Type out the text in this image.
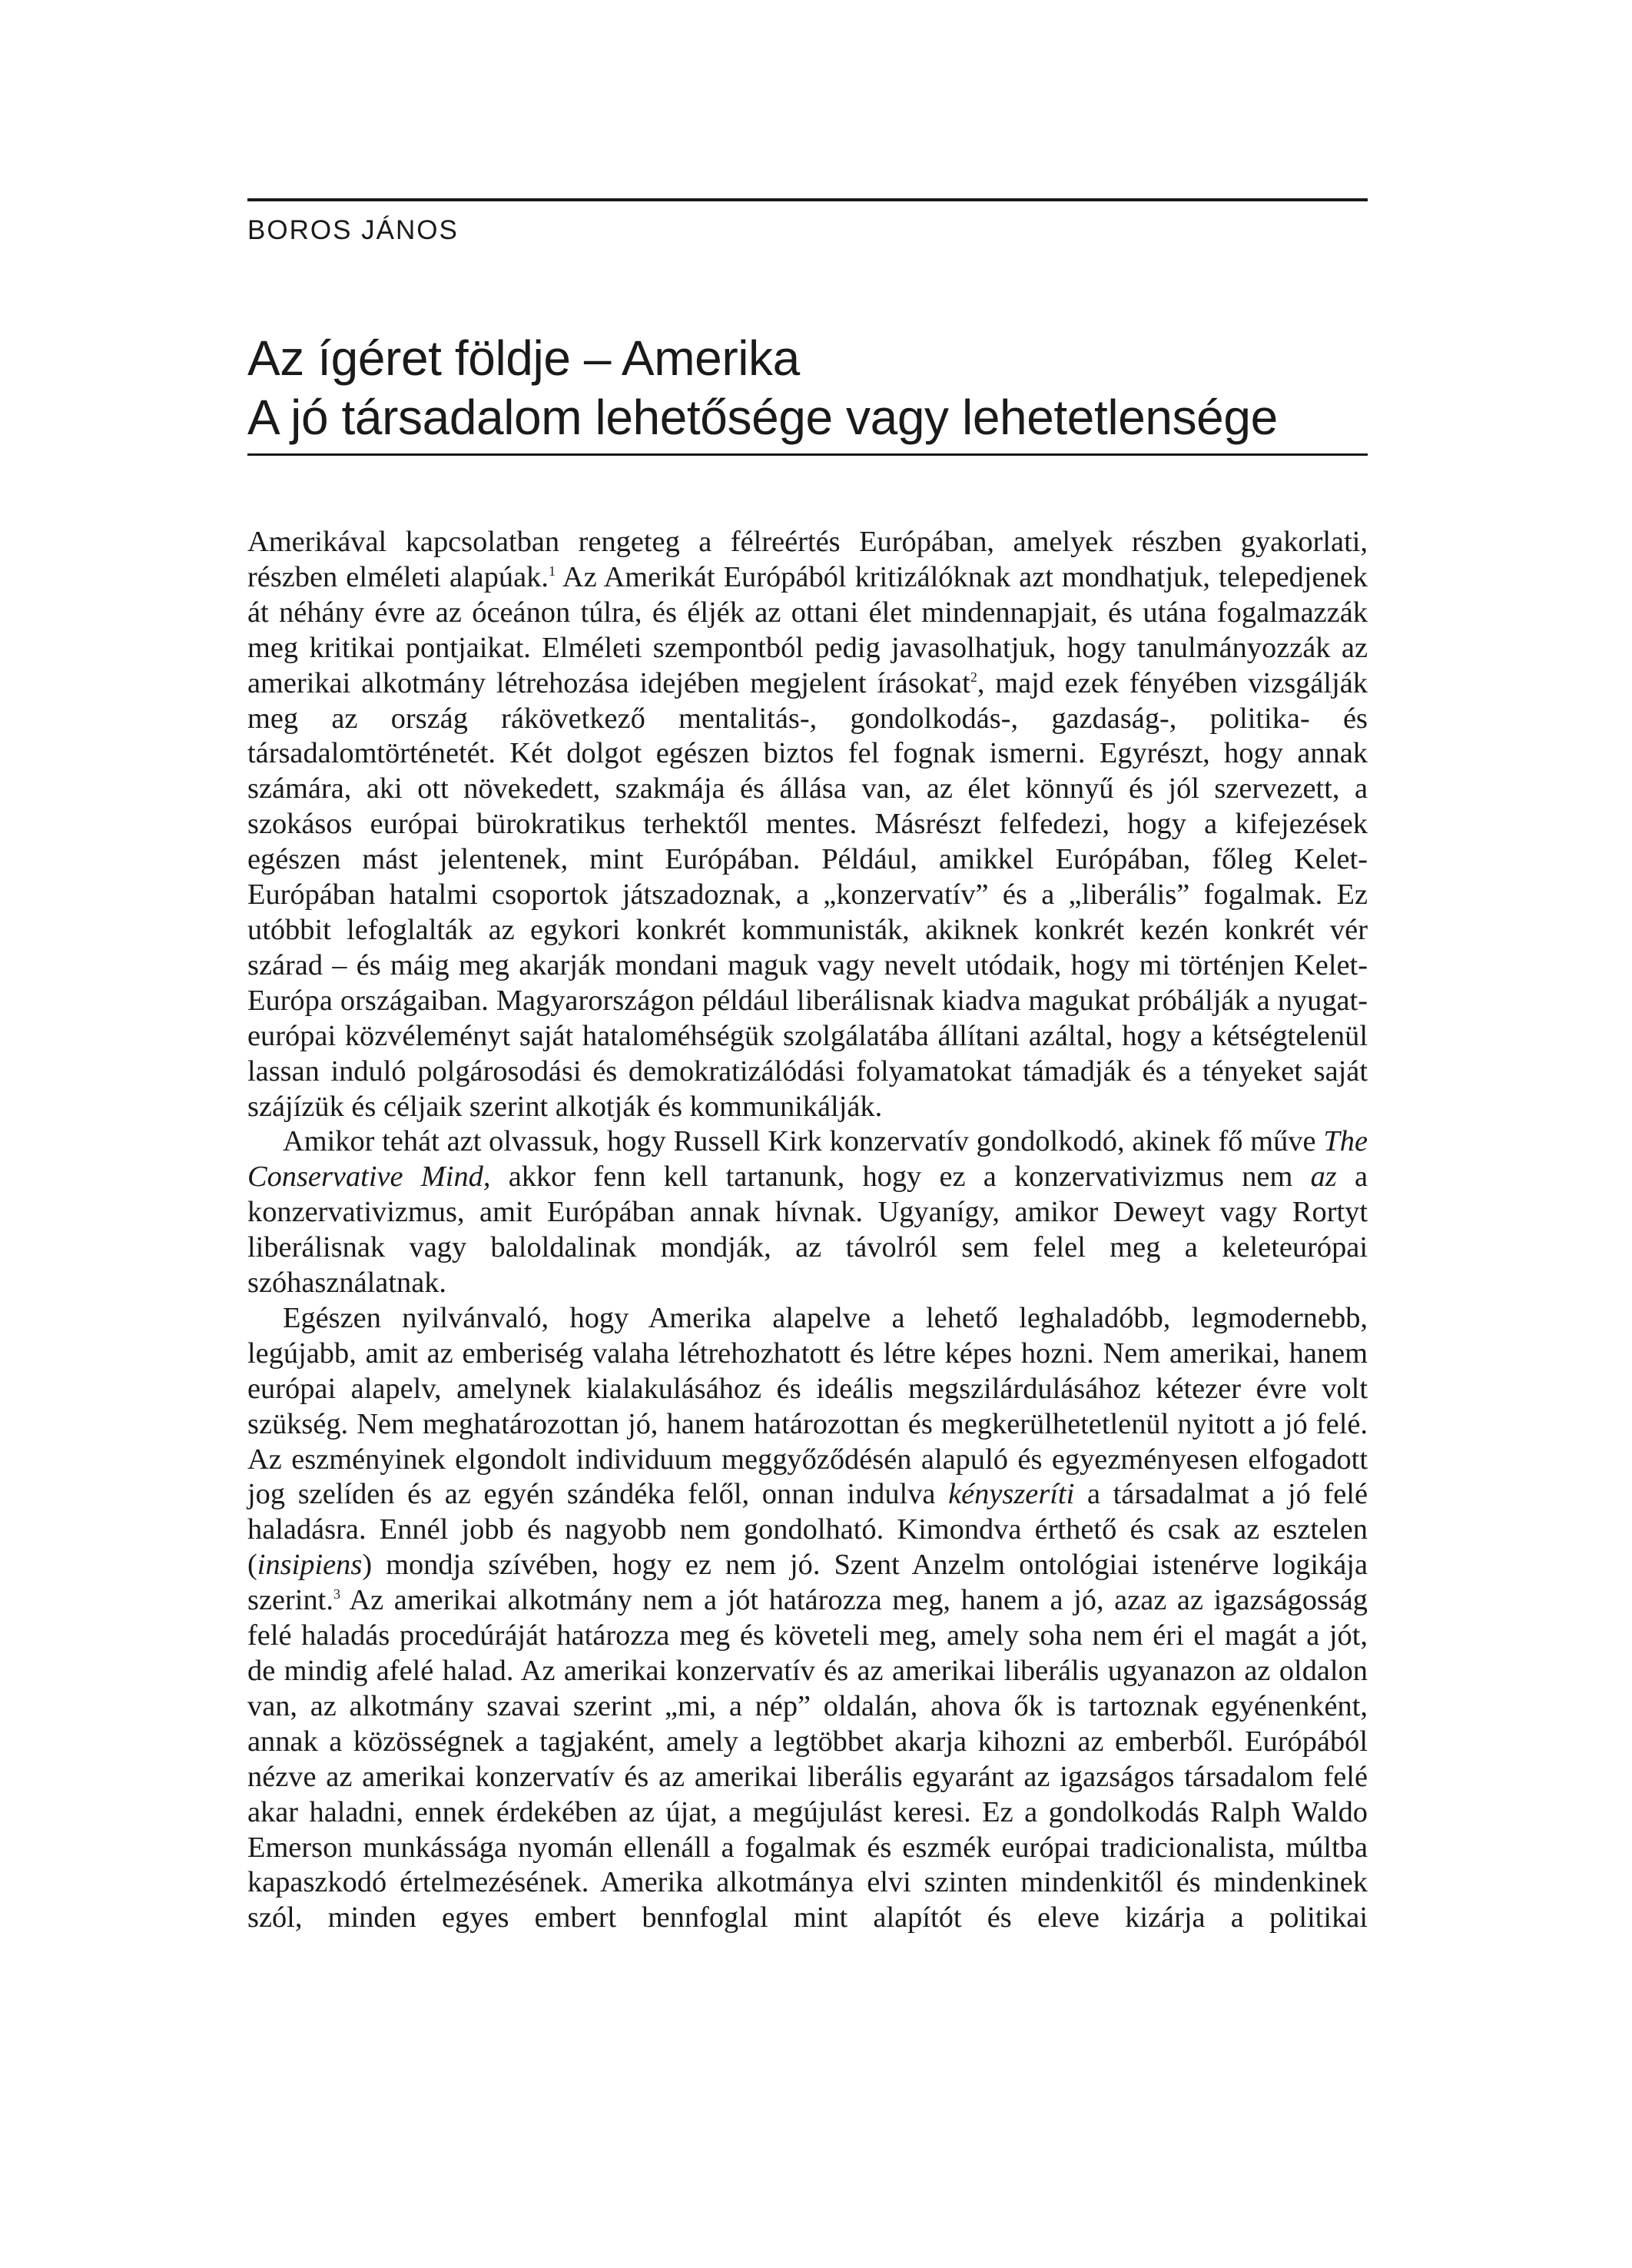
BOROS JÁNOS
Az ígéret földje – Amerika
A jó társadalom lehetősége vagy lehetetlensége

Amerikával kapcsolatban rengeteg a félreértés Európában, amelyek részben gyakorlati, részben elméleti alapúak.$^1$ Az Amerikát Európából kritizálóknak azt mondhatjuk, telepedjenek át néhány évre az óceánon túlra, és éljék az ottani élet mindennapjait, és utána fogalmazzák meg kritikai pontjaikat. Elméleti szempontból pedig javasolhatjuk, hogy tanulmányozzák az amerikai alkotmány létrehozása idejében megjelent írásokat$^2$, majd ezek fényében vizsgálják meg az ország rákövetkező mentalitás-, gondolkodás-, gazdaság-, politika- és társadalomtörténetét. Két dolgot egészen biztos fel fognak ismerni. Egyrészt, hogy annak számára, aki ott növekedett, szakmája és állása van, az élet könnyű és jól szervezett, a szokásos európai bürokratikus terhektől mentes. Másrészt felfedezi, hogy a kifejezések egészen mást jelentenek, mint Európában. Például, amikkel Európában, főleg Kelet-Európában hatalmi csoportok játszadoznak, a „konzervatív” és a „liberális” fogalmak. Ez utóbbit lefoglalták az egykori konkrét kommunisták, akiknek konkrét kezén konkrét vér szárad – és máig meg akarják mondani maguk vagy nevelt utódaik, hogy mi történjen Kelet-Európa országaiban. Magyarországon például liberálisnak kiadva magukat próbálják a nyugat-európai közvéleményt saját hataloméhségük szolgálatába állítani azáltal, hogy a kétségtelenül lassan induló polgárosodási és demokratizálódási folyamatokat támadják és a tényeket saját szájízük és céljaik szerint alkotják és kommunikálják.

Amikor tehát azt olvassuk, hogy Russell Kirk konzervatív gondolkodó, akinek fő műve The Conservative Mind, akkor fenn kell tartanunk, hogy ez a konzervativizmus nem az a konzervativizmus, amit Európában annak hívnak. Ugyanígy, amikor Deweyt vagy Rortyt liberálisnak vagy baloldalinak mondják, az távolról sem felel meg a keleteurópai szóhasználatnak.

Egészen nyilvánvaló, hogy Amerika alapelve a lehető leghaladóbb, legmodernebb, legújabb, amit az emberiség valaha létrehozhatott és létre képes hozni. Nem amerikai, hanem európai alapelv, amelynek kialakulásához és ideális megszilárdulásához kétezer évre volt szükség. Nem meghatározottan jó, hanem határozottan és megkerülhetetlenül nyitott a jó felé. Az eszményinek elgondolt individuum meggyőződésén alapuló és egyezményesen elfogadott jog szelíden és az egyén szándéka felől, onnan indulva kényszeríti a társadalmat a jó felé haladásra. Ennél jobb és nagyobb nem gondolható. Kimondva érthető és csak az esztelen (insipiens) mondja szívében, hogy ez nem jó. Szent Anzelm ontológiai istenérve logikája szerint.$^3$ Az amerikai alkotmány nem a jót határozza meg, hanem a jó, azaz az igazságosság felé haladás procedúráját határozza meg és követeli meg, amely soha nem éri el magát a jót, de mindig afelé halad. Az amerikai konzervatív és az amerikai liberális ugyanazon az oldalon van, az alkotmány szavai szerint „mi, a nép” oldalán, ahova ők is tartoznak egyénenként, annak a közösségnek a tagjaként, amely a legtöbbet akarja kihozni az emberből. Európából nézve az amerikai konzervatív és az amerikai liberális egyaránt az igazságos társadalom felé akar haladni, ennek érdekében az újat, a megújulást keresi. Ez a gondolkodás Ralph Waldo Emerson munkássága nyomán ellenáll a fogalmak és eszmék európai tradicionalista, múltba kapaszkodó értelmezésének. Amerika alkotmánya elvi szinten mindenkitől és mindenkinek szól, minden egyes embert bennfoglal mint alapítót és eleve kizárja a politikai
